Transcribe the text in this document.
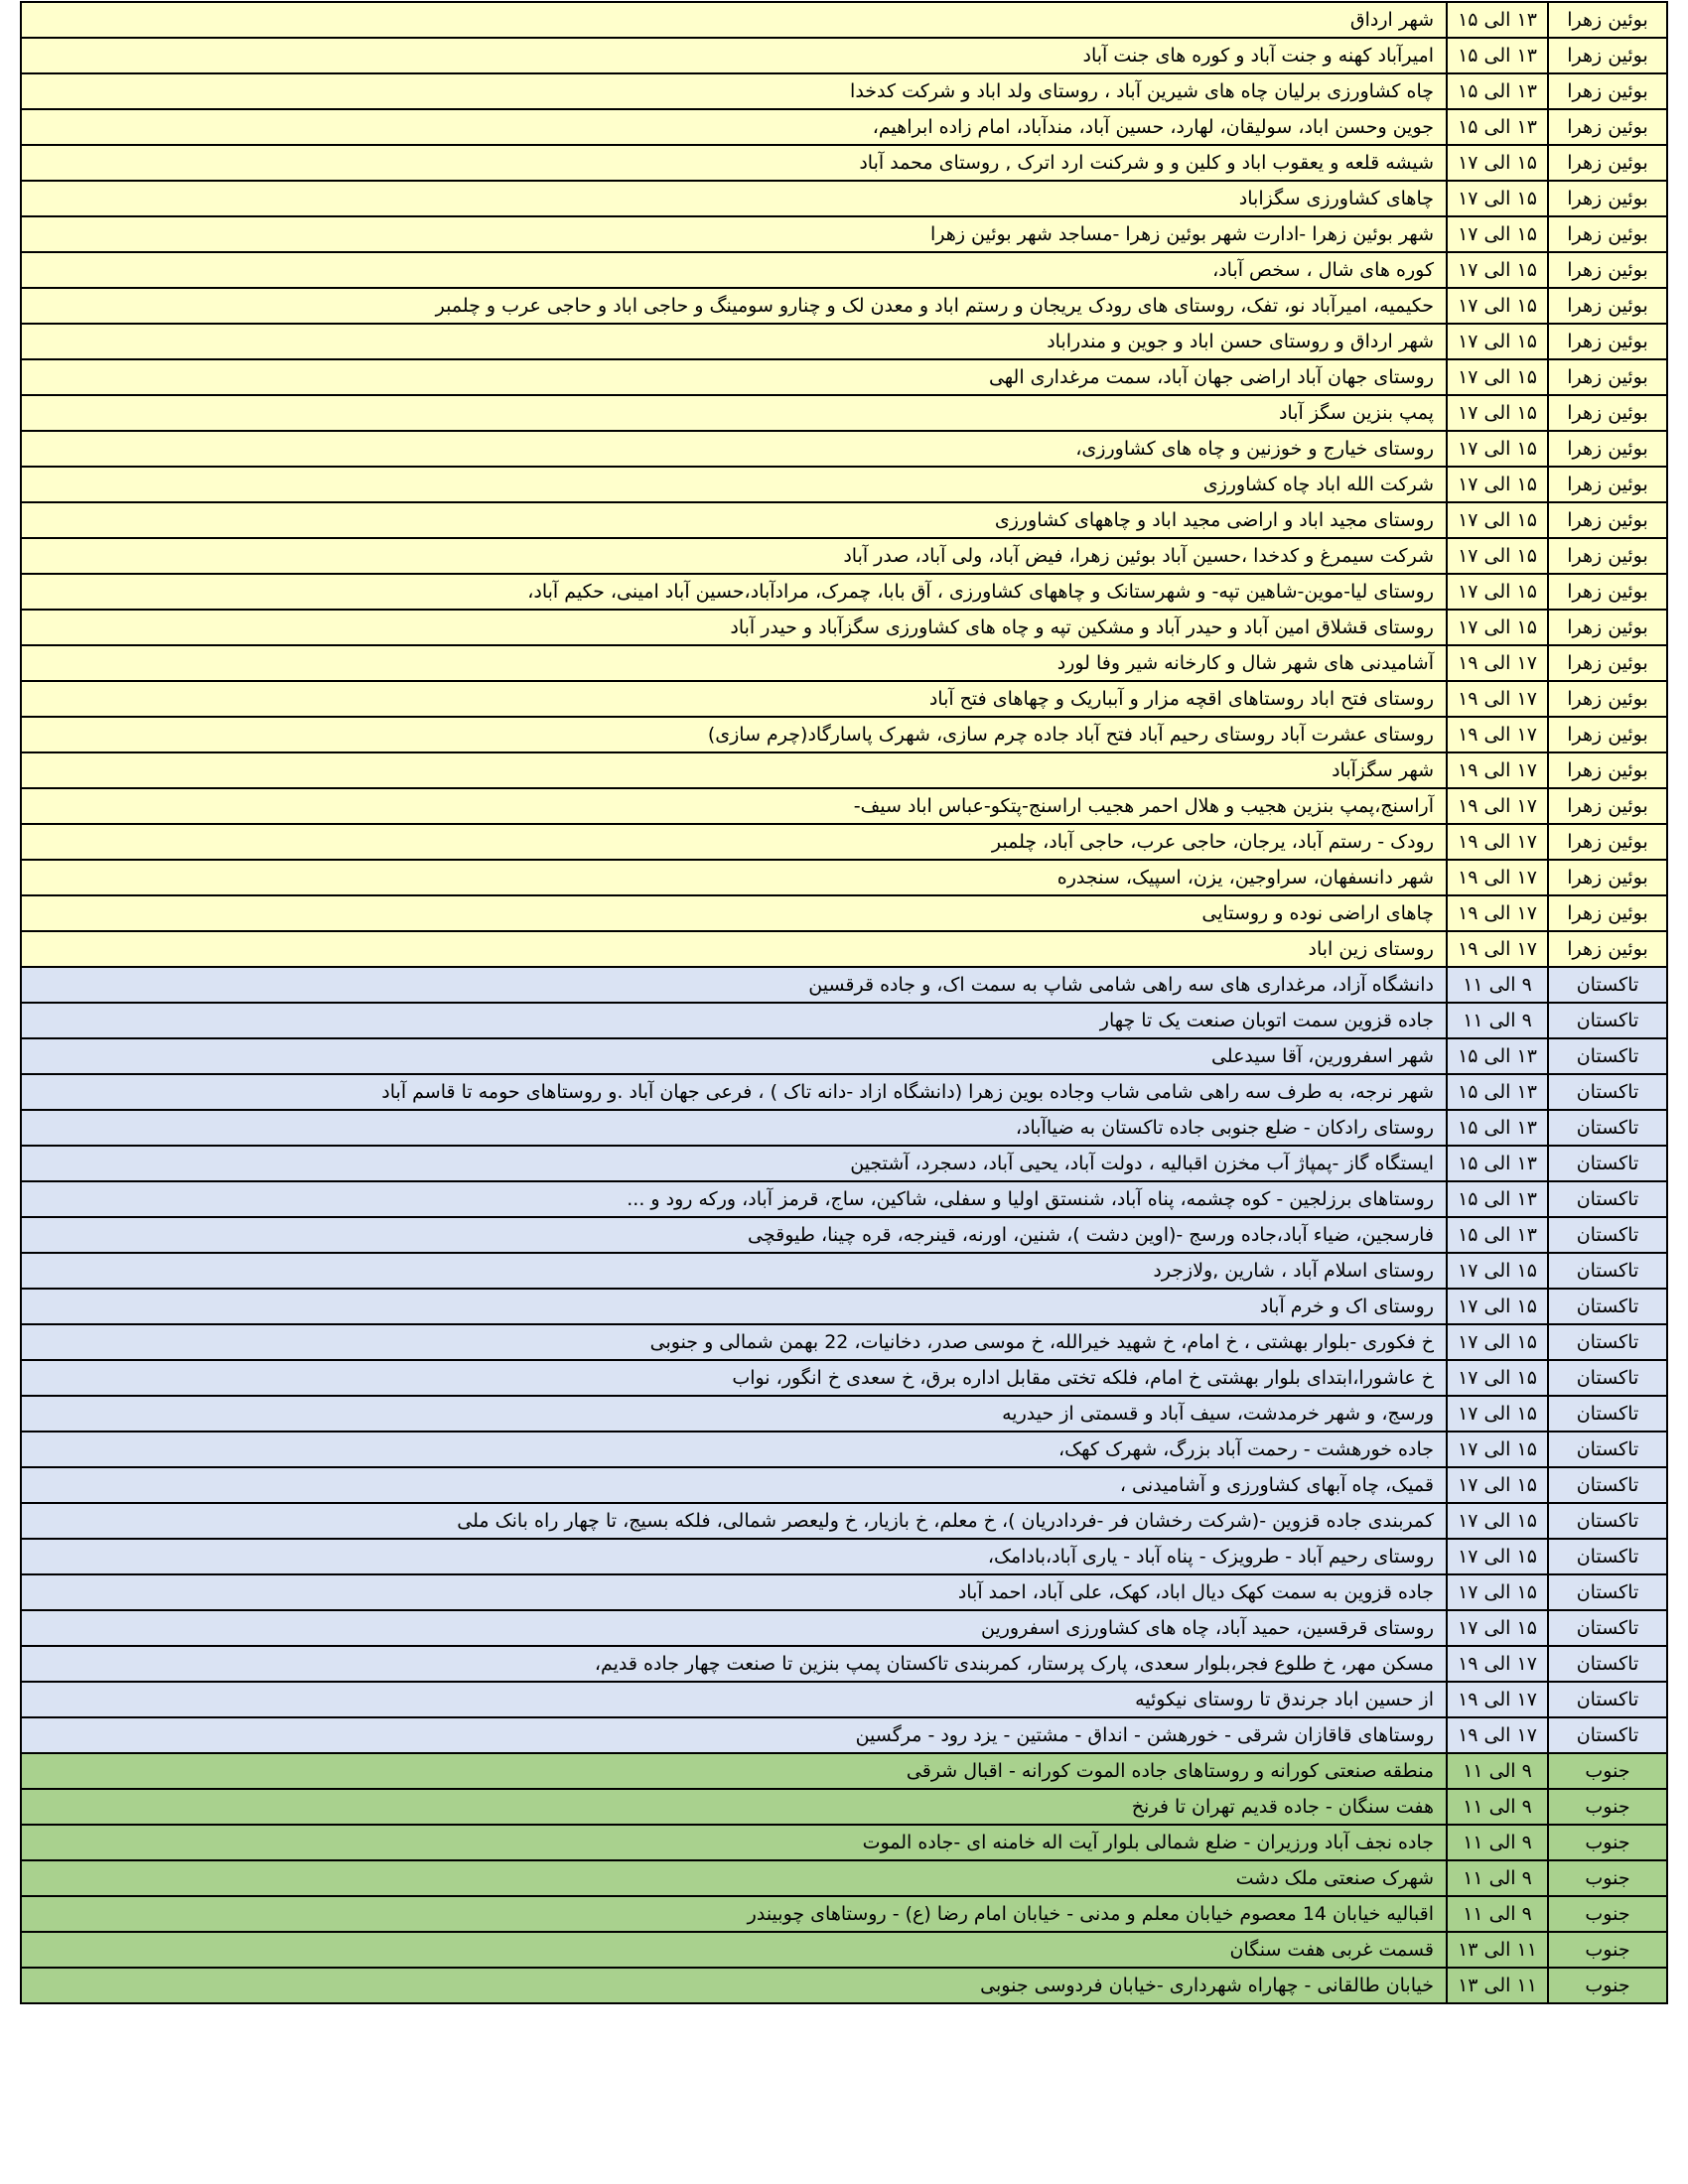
بوئین زهرا	۱۳ الی ۱۵	شهر ارداق
بوئین زهرا	۱۳ الی ۱۵	امیرآباد کهنه و جنت آباد و کوره های جنت آباد
بوئین زهرا	۱۳ الی ۱۵	چاه کشاورزی برلیان چاه های شیرین آباد ، روستای ولد اباد و شرکت کدخدا
بوئین زهرا	۱۳ الی ۱۵	جوین وحسن اباد، سولیقان، لهارد، حسین آباد، مندآباد، امام زاده ابراهیم،
بوئین زهرا	۱۵ الی ۱۷	شیشه قلعه و یعقوب اباد و کلین و و شرکنت ارد اترک , روستای محمد آباد
بوئین زهرا	۱۵ الی ۱۷	چاهای کشاورزی سگزاباد
بوئین زهرا	۱۵ الی ۱۷	شهر بوئین زهرا -ادارت شهر بوئین زهرا -مساجد شهر بوئین زهرا
بوئین زهرا	۱۵ الی ۱۷	کوره های شال ، سخص آباد،
بوئین زهرا	۱۵ الی ۱۷	حکیمیه، امیرآباد نو، تفک، روستای های رودک یریجان و رستم اباد و معدن لک و چنارو سومینگ و حاجی اباد و حاجی عرب و چلمبر
بوئین زهرا	۱۵ الی ۱۷	شهر ارداق و روستای حسن اباد و جوین و مندراباد
بوئین زهرا	۱۵ الی ۱۷	روستای جهان آباد اراضی جهان آباد، سمت مرغداری الهی
بوئین زهرا	۱۵ الی ۱۷	پمپ بنزین سگز آباد
بوئین زهرا	۱۵ الی ۱۷	روستای خیارج و خوزنین و چاه های کشاورزی،
بوئین زهرا	۱۵ الی ۱۷	شرکت الله اباد چاه کشاورزی
بوئین زهرا	۱۵ الی ۱۷	روستای مجید اباد و اراضی مجید اباد و چاههای کشاورزی
بوئین زهرا	۱۵ الی ۱۷	شرکت سیمرغ و کدخدا ،حسین آباد بوئین زهرا، فیض آباد، ولی آباد، صدر آباد
بوئین زهرا	۱۵ الی ۱۷	روستای لیا-موین-شاهین تپه- و شهرستانک و چاههای کشاورزی ، آق بابا، چمرک، مرادآباد،حسین آباد امینی، حکیم آباد،
بوئین زهرا	۱۵ الی ۱۷	روستای قشلاق امین آباد و حیدر آباد و مشکین تپه و چاه های کشاورزی سگزآباد و حیدر آباد
بوئین زهرا	۱۷ الی ۱۹	آشامیدنی های شهر شال و کارخانه شیر وفا لورد
بوئین زهرا	۱۷ الی ۱۹	روستای فتح اباد روستاهای اقچه مزار و آبباریک و چهاهای فتح آباد
بوئین زهرا	۱۷ الی ۱۹	روستای عشرت آباد روستای رحیم آباد فتح آباد جاده چرم سازی، شهرک پاسارگاد(چرم سازی)
بوئین زهرا	۱۷ الی ۱۹	شهر سگزآباد
بوئین زهرا	۱۷ الی ۱۹	آراسنج،پمپ بنزین هجیب و هلال احمر هجیب اراسنج-پتکو-عباس اباد سیف-
بوئین زهرا	۱۷ الی ۱۹	رودک - رستم آباد، یرجان، حاجی عرب، حاجی آباد، چلمبر
بوئین زهرا	۱۷ الی ۱۹	شهر دانسفهان، سراوجین، یزن، اسپیک، سنجدره
بوئین زهرا	۱۷ الی ۱۹	چاهای اراضی نوده و روستایی
بوئین زهرا	۱۷ الی ۱۹	روستای زین اباد
تاکستان	۹ الی ۱۱	دانشگاه آزاد، مرغداری های سه راهی شامی شاپ به سمت اک، و جاده قرقسین
تاکستان	۹ الی ۱۱	جاده قزوین سمت اتوبان صنعت یک تا چهار
تاکستان	۱۳ الی ۱۵	شهر اسفرورین، آقا سیدعلی
تاکستان	۱۳ الی ۱۵	شهر نرجه، به طرف سه راهی شامی شاب وجاده بوین زهرا (دانشگاه ازاد -دانه تاک ) ، فرعی جهان آباد .و روستاهای حومه تا قاسم آباد
تاکستان	۱۳ الی ۱۵	روستای رادکان - ضلع جنوبی جاده تاکستان به ضیاآباد،
تاکستان	۱۳ الی ۱۵	ایستگاه گاز -پمپاژ آب مخزن اقبالیه ، دولت آباد، یحیی آباد، دسجرد، آشتجین
تاکستان	۱۳ الی ۱۵	روستاهای برزلجین - کوه چشمه، پناه آباد، شنستق اولیا و سفلی، شاکین، ساج، قرمز آباد، ورکه رود و ...
تاکستان	۱۳ الی ۱۵	فارسجین، ضیاء آباد،جاده ورسج -(اوین دشت )، شنین، اورنه، قینرجه، قره چینا، طیوقچی
تاکستان	۱۵ الی ۱۷	روستای اسلام آباد ، شارین ,ولازجرد
تاکستان	۱۵ الی ۱۷	روستای اک و خرم آباد
تاکستان	۱۵ الی ۱۷	خ فکوری -بلوار بهشتی ، خ امام، خ شهید خیرالله، خ موسی صدر، دخانیات، 22 بهمن شمالی و جنوبی
تاکستان	۱۵ الی ۱۷	خ عاشورا،ابتدای بلوار بهشتی خ امام، فلکه تختی مقابل اداره برق، خ سعدی خ انگور، نواب
تاکستان	۱۵ الی ۱۷	ورسج، و شهر خرمدشت، سیف آباد و قسمتی از حیدریه
تاکستان	۱۵ الی ۱۷	جاده خورهشت - رحمت آباد بزرگ، شهرک کهک،
تاکستان	۱۵ الی ۱۷	قمیک، چاه آبهای کشاورزی و آشامیدنی ،
تاکستان	۱۵ الی ۱۷	کمربندی جاده قزوین -(شرکت رخشان فر -فردادریان )، خ معلم، خ بازیار، خ ولیعصر شمالی، فلکه بسیج، تا چهار راه بانک ملی
تاکستان	۱۵ الی ۱۷	روستای رحیم آباد - طرویزک - پناه آباد - یاری آباد،بادامک،
تاکستان	۱۵ الی ۱۷	جاده قزوین به سمت کهک دیال اباد، کهک، علی آباد، احمد آباد
تاکستان	۱۵ الی ۱۷	روستای قرقسین، حمید آباد، چاه های کشاورزی اسفرورین
تاکستان	۱۷ الی ۱۹	مسکن مهر، خ طلوع فجر،بلوار سعدی، پارک پرستار، کمربندی تاکستان پمپ بنزین تا صنعت چهار جاده قدیم،
تاکستان	۱۷ الی ۱۹	از حسین اباد جرندق تا روستای نیکوئیه
تاکستان	۱۷ الی ۱۹	روستاهای قاقازان شرقی - خورهشن - انداق - مشتین - یزد رود - مرگسین
جنوب	۹ الی ۱۱	منطقه صنعتی کورانه و روستاهای جاده الموت کورانه - اقبال شرقی
جنوب	۹ الی ۱۱	هفت سنگان - جاده قدیم تهران تا فرنخ
جنوب	۹ الی ۱۱	جاده نجف آباد ورزیران - ضلع شمالی بلوار آیت اله خامنه ای -جاده الموت
جنوب	۹ الی ۱۱	شهرک صنعتی ملک دشت
جنوب	۹ الی ۱۱	اقبالیه خیابان 14 معصوم خیابان معلم و مدنی - خیابان امام رضا (ع) - روستاهای چوبیندر
جنوب	۱۱ الی ۱۳	قسمت غربی هفت سنگان
جنوب	۱۱ الی ۱۳	خیابان طالقانی - چهاراه شهرداری -خیابان فردوسی جنوبی
